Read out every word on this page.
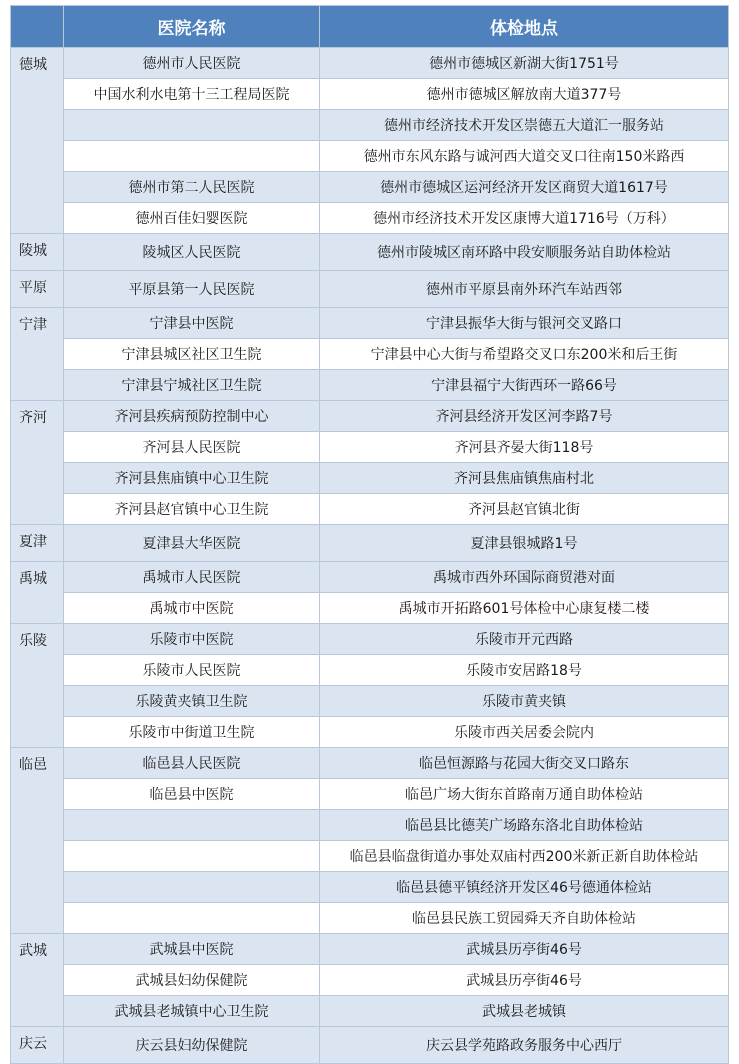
	医院名称	体检地点
德城	德州市人民医院	德州市德城区新湖大街1751号
	中国水利水电第十三工程局医院	德州市德城区解放南大道377号
		德州市经济技术开发区崇德五大道汇一服务站
		德州市东风东路与诚河西大道交叉口往南150米路西
	德州市第二人民医院	德州市德城区运河经济开发区商贸大道1617号
	德州百佳妇婴医院	德州市经济技术开发区康博大道1716号（万科）
陵城	陵城区人民医院	德州市陵城区南环路中段安顺服务站自助体检站
平原	平原县第一人民医院	德州市平原县南外环汽车站西邻
宁津	宁津县中医院	宁津县振华大街与银河交叉路口
	宁津县城区社区卫生院	宁津县中心大街与希望路交叉口东200米和后王街
	宁津县宁城社区卫生院	宁津县福宁大街西环一路66号
齐河	齐河县疾病预防控制中心	齐河县经济开发区河李路7号
	齐河县人民医院	齐河县齐晏大街118号
	齐河县焦庙镇中心卫生院	齐河县焦庙镇焦庙村北
	齐河县赵官镇中心卫生院	齐河县赵官镇北街
夏津	夏津县大华医院	夏津县银城路1号
禹城	禹城市人民医院	禹城市西外环国际商贸港对面
	禹城市中医院	禹城市开拓路601号体检中心康复楼二楼
乐陵	乐陵市中医院	乐陵市开元西路
	乐陵市人民医院	乐陵市安居路18号
	乐陵黄夹镇卫生院	乐陵市黄夹镇
	乐陵市中街道卫生院	乐陵市西关居委会院内
临邑	临邑县人民医院	临邑恒源路与花园大街交叉口路东
	临邑县中医院	临邑广场大街东首路南万通自助体检站
		临邑县比德芙广场路东洛北自助体检站
		临邑县临盘街道办事处双庙村西200米新正新自助体检站
		临邑县德平镇经济开发区46号德通体检站
		临邑县民族工贸园舜天齐自助体检站
武城	武城县中医院	武城县历亭街46号
	武城县妇幼保健院	武城县历亭街46号
	武城县老城镇中心卫生院	武城县老城镇
庆云	庆云县妇幼保健院	庆云县学苑路政务服务中心西厅
